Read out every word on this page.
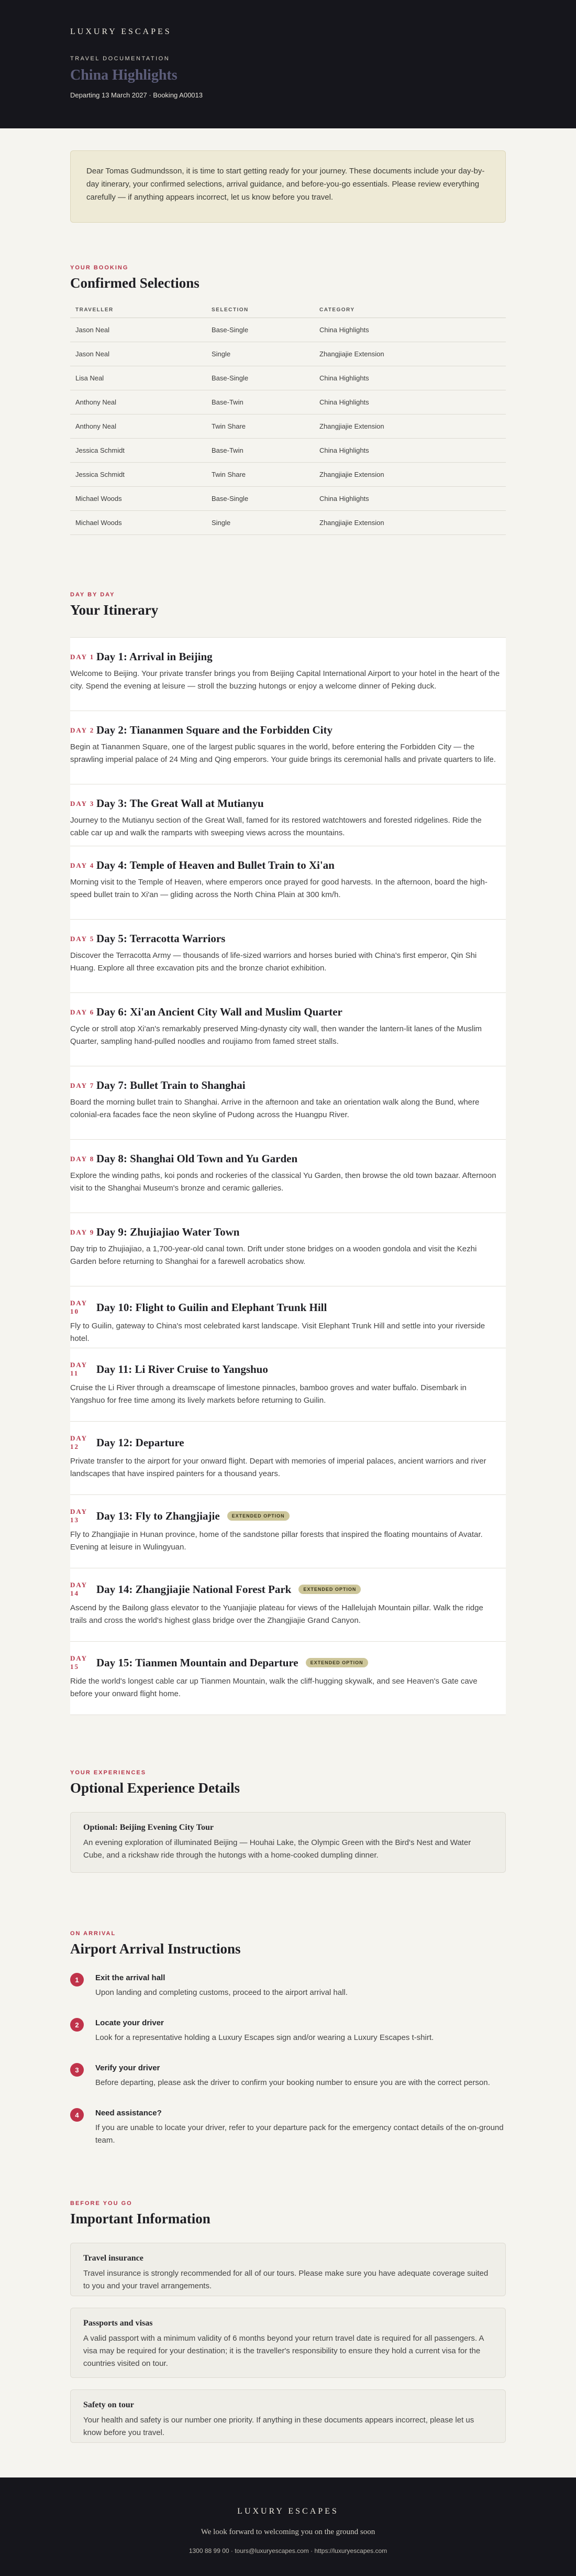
LUXURY ESCAPES
TRAVEL DOCUMENTATION
China Highlights
Departing 13 March 2027 · Booking A00013
Dear Tomas Gudmundsson, it is time to start getting ready for your journey. These documents include your day-by-day itinerary, your confirmed selections, arrival guidance, and before-you-go essentials. Please review everything carefully — if anything appears incorrect, let us know before you travel.
YOUR BOOKING
Confirmed Selections
TRAVELLER	SELECTION	CATEGORY
Jason Neal	Base-Single	China Highlights
Jason Neal	Single	Zhangjiajie Extension
Lisa Neal	Base-Single	China Highlights
Anthony Neal	Base-Twin	China Highlights
Anthony Neal	Twin Share	Zhangjiajie Extension
Jessica Schmidt	Base-Twin	China Highlights
Jessica Schmidt	Twin Share	Zhangjiajie Extension
Michael Woods	Base-Single	China Highlights
Michael Woods	Single	Zhangjiajie Extension
DAY BY DAY
Your Itinerary
DAY 1 Day 1: Arrival in Beijing
Welcome to Beijing. Your private transfer brings you from Beijing Capital International Airport to your hotel in the heart of the city. Spend the evening at leisure — stroll the buzzing hutongs or enjoy a welcome dinner of Peking duck.
DAY 2 Day 2: Tiananmen Square and the Forbidden City
Begin at Tiananmen Square, one of the largest public squares in the world, before entering the Forbidden City — the sprawling imperial palace of 24 Ming and Qing emperors. Your guide brings its ceremonial halls and private quarters to life.
DAY 3 Day 3: The Great Wall at Mutianyu
Journey to the Mutianyu section of the Great Wall, famed for its restored watchtowers and forested ridgelines. Ride the cable car up and walk the ramparts with sweeping views across the mountains.
DAY 4 Day 4: Temple of Heaven and Bullet Train to Xi'an
Morning visit to the Temple of Heaven, where emperors once prayed for good harvests. In the afternoon, board the high-speed bullet train to Xi'an — gliding across the North China Plain at 300 km/h.
DAY 5 Day 5: Terracotta Warriors
Discover the Terracotta Army — thousands of life-sized warriors and horses buried with China's first emperor, Qin Shi Huang. Explore all three excavation pits and the bronze chariot exhibition.
DAY 6 Day 6: Xi'an Ancient City Wall and Muslim Quarter
Cycle or stroll atop Xi'an's remarkably preserved Ming-dynasty city wall, then wander the lantern-lit lanes of the Muslim Quarter, sampling hand-pulled noodles and roujiamo from famed street stalls.
DAY 7 Day 7: Bullet Train to Shanghai
Board the morning bullet train to Shanghai. Arrive in the afternoon and take an orientation walk along the Bund, where colonial-era facades face the neon skyline of Pudong across the Huangpu River.
DAY 8 Day 8: Shanghai Old Town and Yu Garden
Explore the winding paths, koi ponds and rockeries of the classical Yu Garden, then browse the old town bazaar. Afternoon visit to the Shanghai Museum's bronze and ceramic galleries.
DAY 9 Day 9: Zhujiajiao Water Town
Day trip to Zhujiajiao, a 1,700-year-old canal town. Drift under stone bridges on a wooden gondola and visit the Kezhi Garden before returning to Shanghai for a farewell acrobatics show.
DAY 10	Day 10: Flight to Guilin and Elephant Trunk Hill
Fly to Guilin, gateway to China's most celebrated karst landscape. Visit Elephant Trunk Hill and settle into your riverside hotel.
DAY 11	Day 11: Li River Cruise to Yangshuo
Cruise the Li River through a dreamscape of limestone pinnacles, bamboo groves and water buffalo. Disembark in Yangshuo for free time among its lively markets before returning to Guilin.
DAY 12	Day 12: Departure
Private transfer to the airport for your onward flight. Depart with memories of imperial palaces, ancient warriors and river landscapes that have inspired painters for a thousand years.
DAY 13	Day 13: Fly to Zhangjiajie	EXTENDED OPTION
Fly to Zhangjiajie in Hunan province, home of the sandstone pillar forests that inspired the floating mountains of Avatar. Evening at leisure in Wulingyuan.
DAY 14	Day 14: Zhangjiajie National Forest Park	EXTENDED OPTION
Ascend by the Bailong glass elevator to the Yuanjiajie plateau for views of the Hallelujah Mountain pillar. Walk the ridge trails and cross the world's highest glass bridge over the Zhangjiajie Grand Canyon.
DAY 15	Day 15: Tianmen Mountain and Departure	EXTENDED OPTION
Ride the world's longest cable car up Tianmen Mountain, walk the cliff-hugging skywalk, and see Heaven's Gate cave before your onward flight home.
YOUR EXPERIENCES
Optional Experience Details
Optional: Beijing Evening City Tour
An evening exploration of illuminated Beijing — Houhai Lake, the Olympic Green with the Bird's Nest and Water Cube, and a rickshaw ride through the hutongs with a home-cooked dumpling dinner.
ON ARRIVAL
Airport Arrival Instructions
1	Exit the arrival hall
Upon landing and completing customs, proceed to the airport arrival hall.
2	Locate your driver
Look for a representative holding a Luxury Escapes sign and/or wearing a Luxury Escapes t-shirt.
3	Verify your driver
Before departing, please ask the driver to confirm your booking number to ensure you are with the correct person.
4	Need assistance?
If you are unable to locate your driver, refer to your departure pack for the emergency contact details of the on-ground team.
BEFORE YOU GO
Important Information
Travel insurance
Travel insurance is strongly recommended for all of our tours. Please make sure you have adequate coverage suited to you and your travel arrangements.
Passports and visas
A valid passport with a minimum validity of 6 months beyond your return travel date is required for all passengers. A visa may be required for your destination; it is the traveller's responsibility to ensure they hold a current visa for the countries visited on tour.
Safety on tour
Your health and safety is our number one priority. If anything in these documents appears incorrect, please let us know before you travel.
LUXURY ESCAPES
We look forward to welcoming you on the ground soon
1300 88 99 00 · tours@luxuryescapes.com · https://luxuryescapes.com
